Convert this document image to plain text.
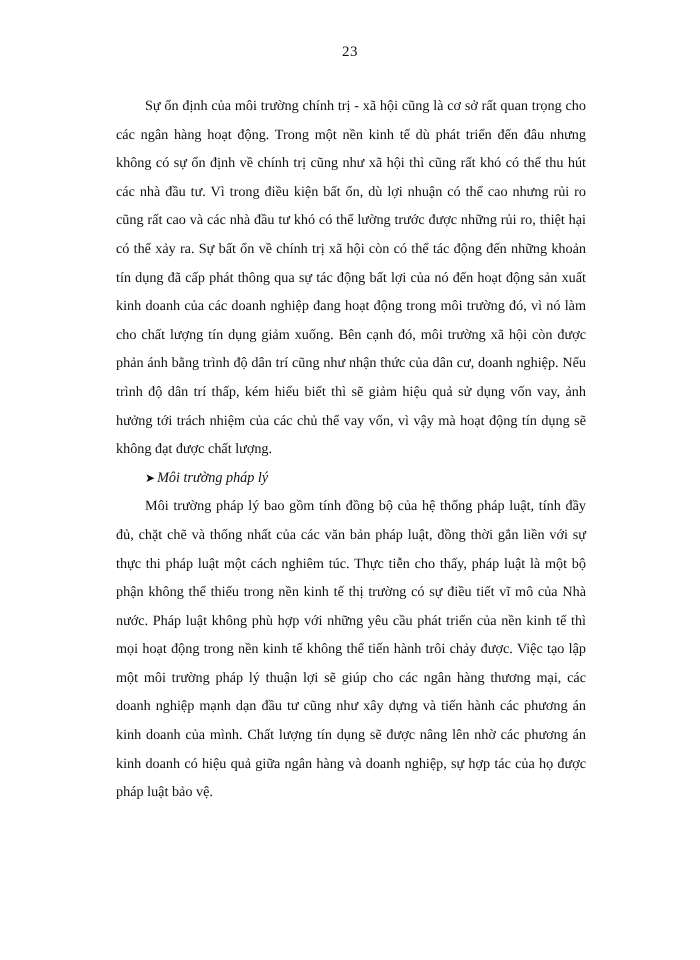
23

Sự ổn định của môi trường chính trị - xã hội cũng là cơ sở rất quan trọng cho các ngân hàng hoạt động. Trong một nền kinh tế dù phát triển đến đâu nhưng không có sự ổn định về chính trị cũng như xã hội thì cũng rất khó có thể thu hút các nhà đầu tư. Vì trong điều kiện bất ổn, dù lợi nhuận có thể cao nhưng rủi ro cũng rất cao và các nhà đầu tư khó có thể lường trước được những rủi ro, thiệt hại có thể xảy ra. Sự bất ổn về chính trị xã hội còn có thể tác động đến những khoản tín dụng đã cấp phát thông qua sự tác động bất lợi của nó đến hoạt động sản xuất kinh doanh của các doanh nghiệp đang hoạt động trong môi trường đó, vì nó làm cho chất lượng tín dụng giảm xuống. Bên cạnh đó, môi trường xã hội còn được phản ánh bằng trình độ dân trí cũng như nhận thức của dân cư, doanh nghiệp. Nếu trình độ dân trí thấp, kém hiểu biết thì sẽ giảm hiệu quả sử dụng vốn vay, ảnh hưởng tới trách nhiệm của các chủ thể vay vốn, vì vậy mà hoạt động tín dụng sẽ không đạt được chất lượng.

➤ Môi trường pháp lý

Môi trường pháp lý bao gồm tính đồng bộ của hệ thống pháp luật, tính đầy đủ, chặt chẽ và thống nhất của các văn bản pháp luật, đồng thời gắn liền với sự thực thi pháp luật một cách nghiêm túc. Thực tiễn cho thấy, pháp luật là một bộ phận không thể thiếu trong nền kinh tế thị trường có sự điều tiết vĩ mô của Nhà nước. Pháp luật không phù hợp với những yêu cầu phát triển của nền kinh tế thì mọi hoạt động trong nền kinh tế không thể tiến hành trôi chảy được. Việc tạo lập một môi trường pháp lý thuận lợi sẽ giúp cho các ngân hàng thương mại, các doanh nghiệp mạnh dạn đầu tư cũng như xây dựng và tiến hành các phương án kinh doanh của mình. Chất lượng tín dụng sẽ được nâng lên nhờ các phương án kinh doanh có hiệu quả giữa ngân hàng và doanh nghiệp, sự hợp tác của họ được pháp luật bảo vệ.
